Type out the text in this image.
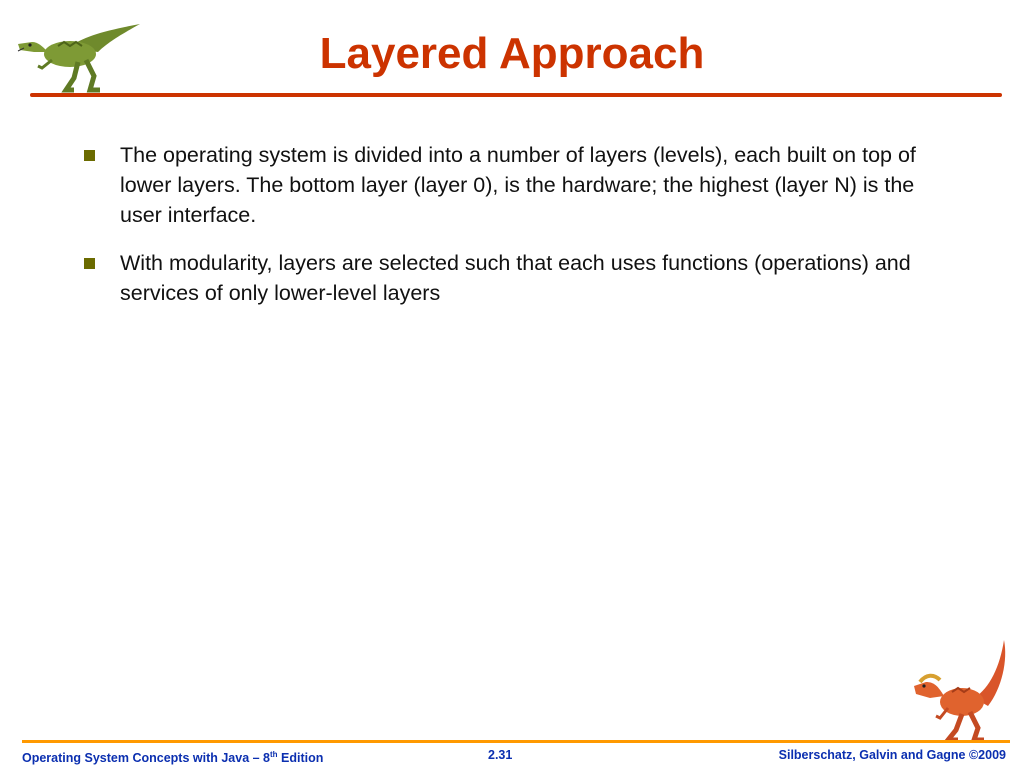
Layered Approach
The operating system is divided into a number of layers (levels), each built on top of lower layers. The bottom layer (layer 0), is the hardware; the highest (layer N) is the user interface.
With modularity, layers are selected such that each uses functions (operations) and services of only lower-level layers
Operating System Concepts with Java – 8th Edition	2.31	Silberschatz, Galvin and Gagne ©2009
